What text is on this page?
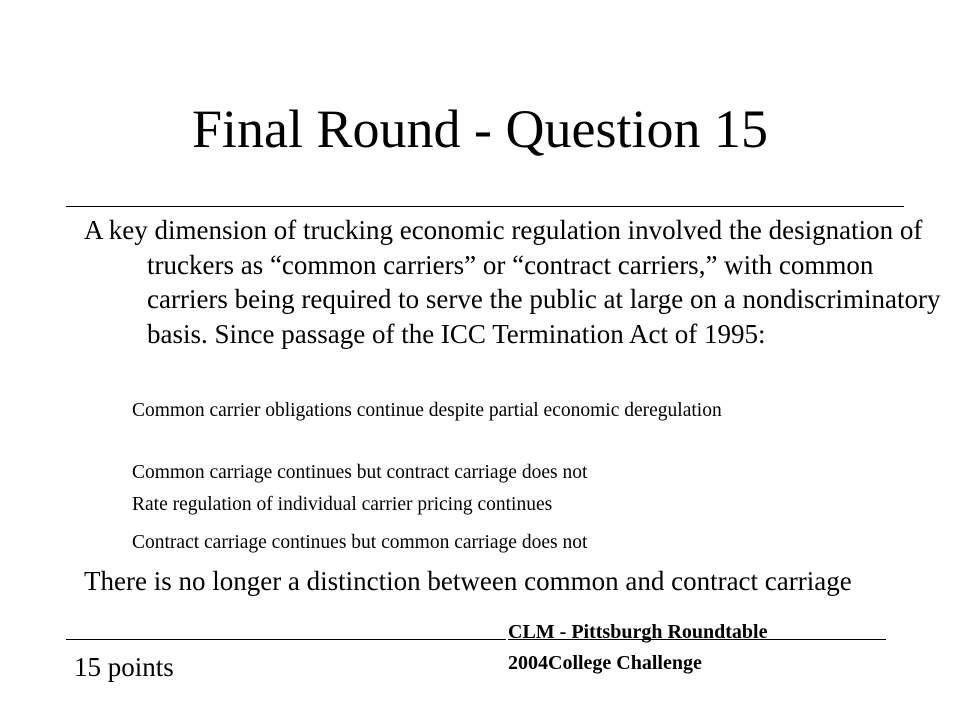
Final Round - Question 15

A key dimension of trucking economic regulation involved the designation of truckers as “common carriers” or “contract carriers,” with common carriers being required to serve the public at large on a nondiscriminatory basis. Since passage of the ICC Termination Act of 1995:

Common carrier obligations continue despite partial economic deregulation

Common carriage continues but contract carriage does not

Rate regulation of individual carrier pricing continues

Contract carriage continues but common carriage does not

There is no longer a distinction between common and contract carriage

CLM - Pittsburgh Roundtable
2004College Challenge
15 points
